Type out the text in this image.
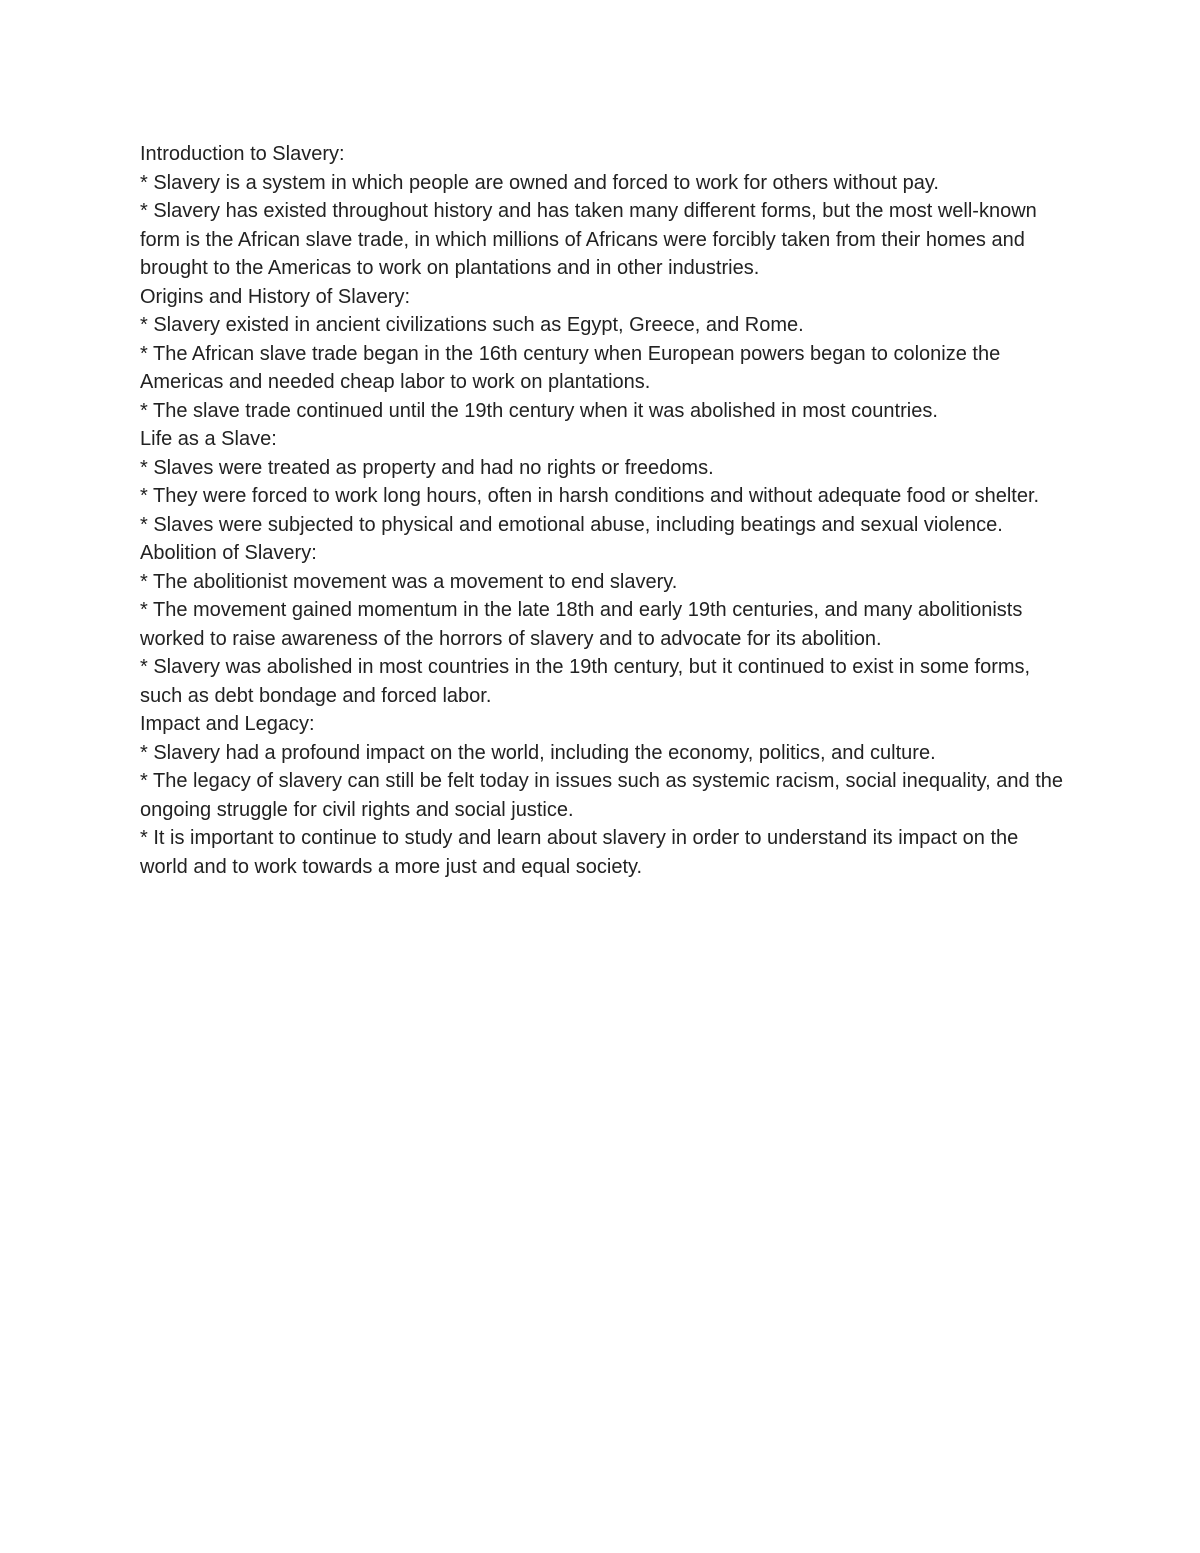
Introduction to Slavery:

* Slavery is a system in which people are owned and forced to work for others without pay.

* Slavery has existed throughout history and has taken many different forms, but the most well-known form is the African slave trade, in which millions of Africans were forcibly taken from their homes and brought to the Americas to work on plantations and in other industries.

Origins and History of Slavery:

* Slavery existed in ancient civilizations such as Egypt, Greece, and Rome.

* The African slave trade began in the 16th century when European powers began to colonize the Americas and needed cheap labor to work on plantations.

* The slave trade continued until the 19th century when it was abolished in most countries.

Life as a Slave:

* Slaves were treated as property and had no rights or freedoms.

* They were forced to work long hours, often in harsh conditions and without adequate food or shelter.

* Slaves were subjected to physical and emotional abuse, including beatings and sexual violence.

Abolition of Slavery:

* The abolitionist movement was a movement to end slavery.

* The movement gained momentum in the late 18th and early 19th centuries, and many abolitionists worked to raise awareness of the horrors of slavery and to advocate for its abolition.

* Slavery was abolished in most countries in the 19th century, but it continued to exist in some forms, such as debt bondage and forced labor.

Impact and Legacy:

* Slavery had a profound impact on the world, including the economy, politics, and culture.

* The legacy of slavery can still be felt today in issues such as systemic racism, social inequality, and the ongoing struggle for civil rights and social justice.

* It is important to continue to study and learn about slavery in order to understand its impact on the world and to work towards a more just and equal society.
